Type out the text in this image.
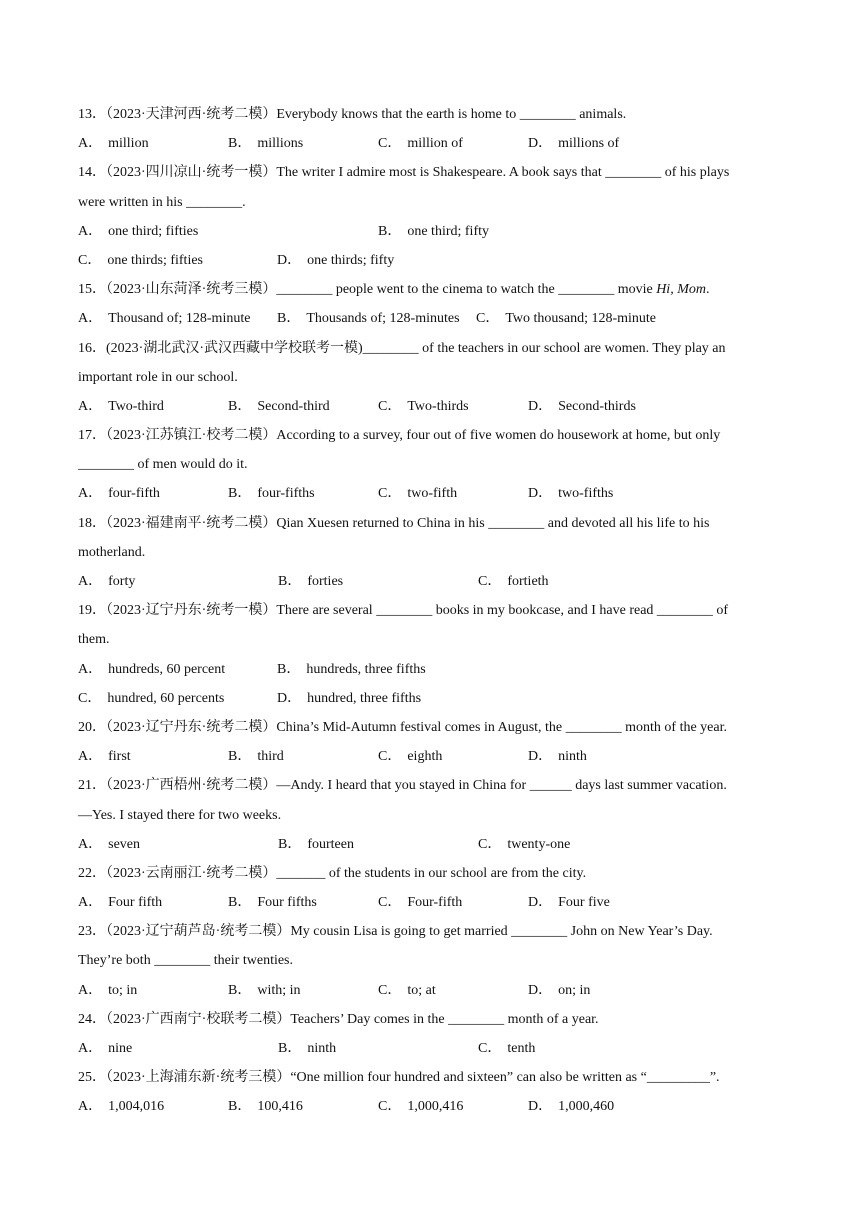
13．（2023·天津河西·统考二模）Everybody knows that the earth is home to ________ animals.
A． million	B． millions	C． million of	D． millions of
14．（2023·四川凉山·统考一模）The writer I admire most is Shakespeare. A book says that ________ of his plays
were written in his ________.
A． one third; fifties	B． one third; fifty
C． one thirds; fifties	D． one thirds; fifty
15．（2023·山东菏泽·统考三模）________ people went to the cinema to watch the ________ movie Hi, Mom.
A． Thousand of; 128-minute B． Thousands of; 128-minutes C． Two thousand; 128-minute
16．(2023·湖北武汉·武汉西藏中学校联考一模)________ of the teachers in our school are women. They play an
important role in our school.
A． Two-third	B． Second-third	C． Two-thirds	D． Second-thirds
17．（2023·江苏镇江·校考二模）According to a survey, four out of five women do housework at home, but only
________ of men would do it.
A． four-fifth	B． four-fifths	C． two-fifth	D． two-fifths
18．（2023·福建南平·统考二模）Qian Xuesen returned to China in his ________ and devoted all his life to his
motherland.
A． forty	B． forties	C． fortieth
19．（2023·辽宁丹东·统考一模）There are several ________ books in my bookcase, and I have read ________ of
them.
A． hundreds, 60 percent	B． hundreds, three fifths
C． hundred, 60 percents	D． hundred, three fifths
20．（2023·辽宁丹东·统考二模）China’s Mid-Autumn festival comes in August, the ________ month of the year.
A． first	B． third	C． eighth	D． ninth
21．（2023·广西梧州·统考二模）—Andy. I heard that you stayed in China for ______ days last summer vacation.
—Yes. I stayed there for two weeks.
A． seven	B． fourteen	C． twenty-one
22．（2023·云南丽江·统考二模）_______ of the students in our school are from the city.
A． Four fifth	B． Four fifths	C． Four-fifth	D． Four five
23．（2023·辽宁葫芦岛·统考二模）My cousin Lisa is going to get married ________ John on New Year’s Day.
They’re both ________ their twenties.
A． to; in	B． with; in	C． to; at	D． on; in
24．（2023·广西南宁·校联考二模）Teachers’ Day comes in the ________ month of a year.
A． nine	B． ninth	C． tenth
25．（2023·上海浦东新·统考三模）“One million four hundred and sixteen” can also be written as “_________”.
A． 1,004,016	B． 100,416	C． 1,000,416	D． 1,000,460
